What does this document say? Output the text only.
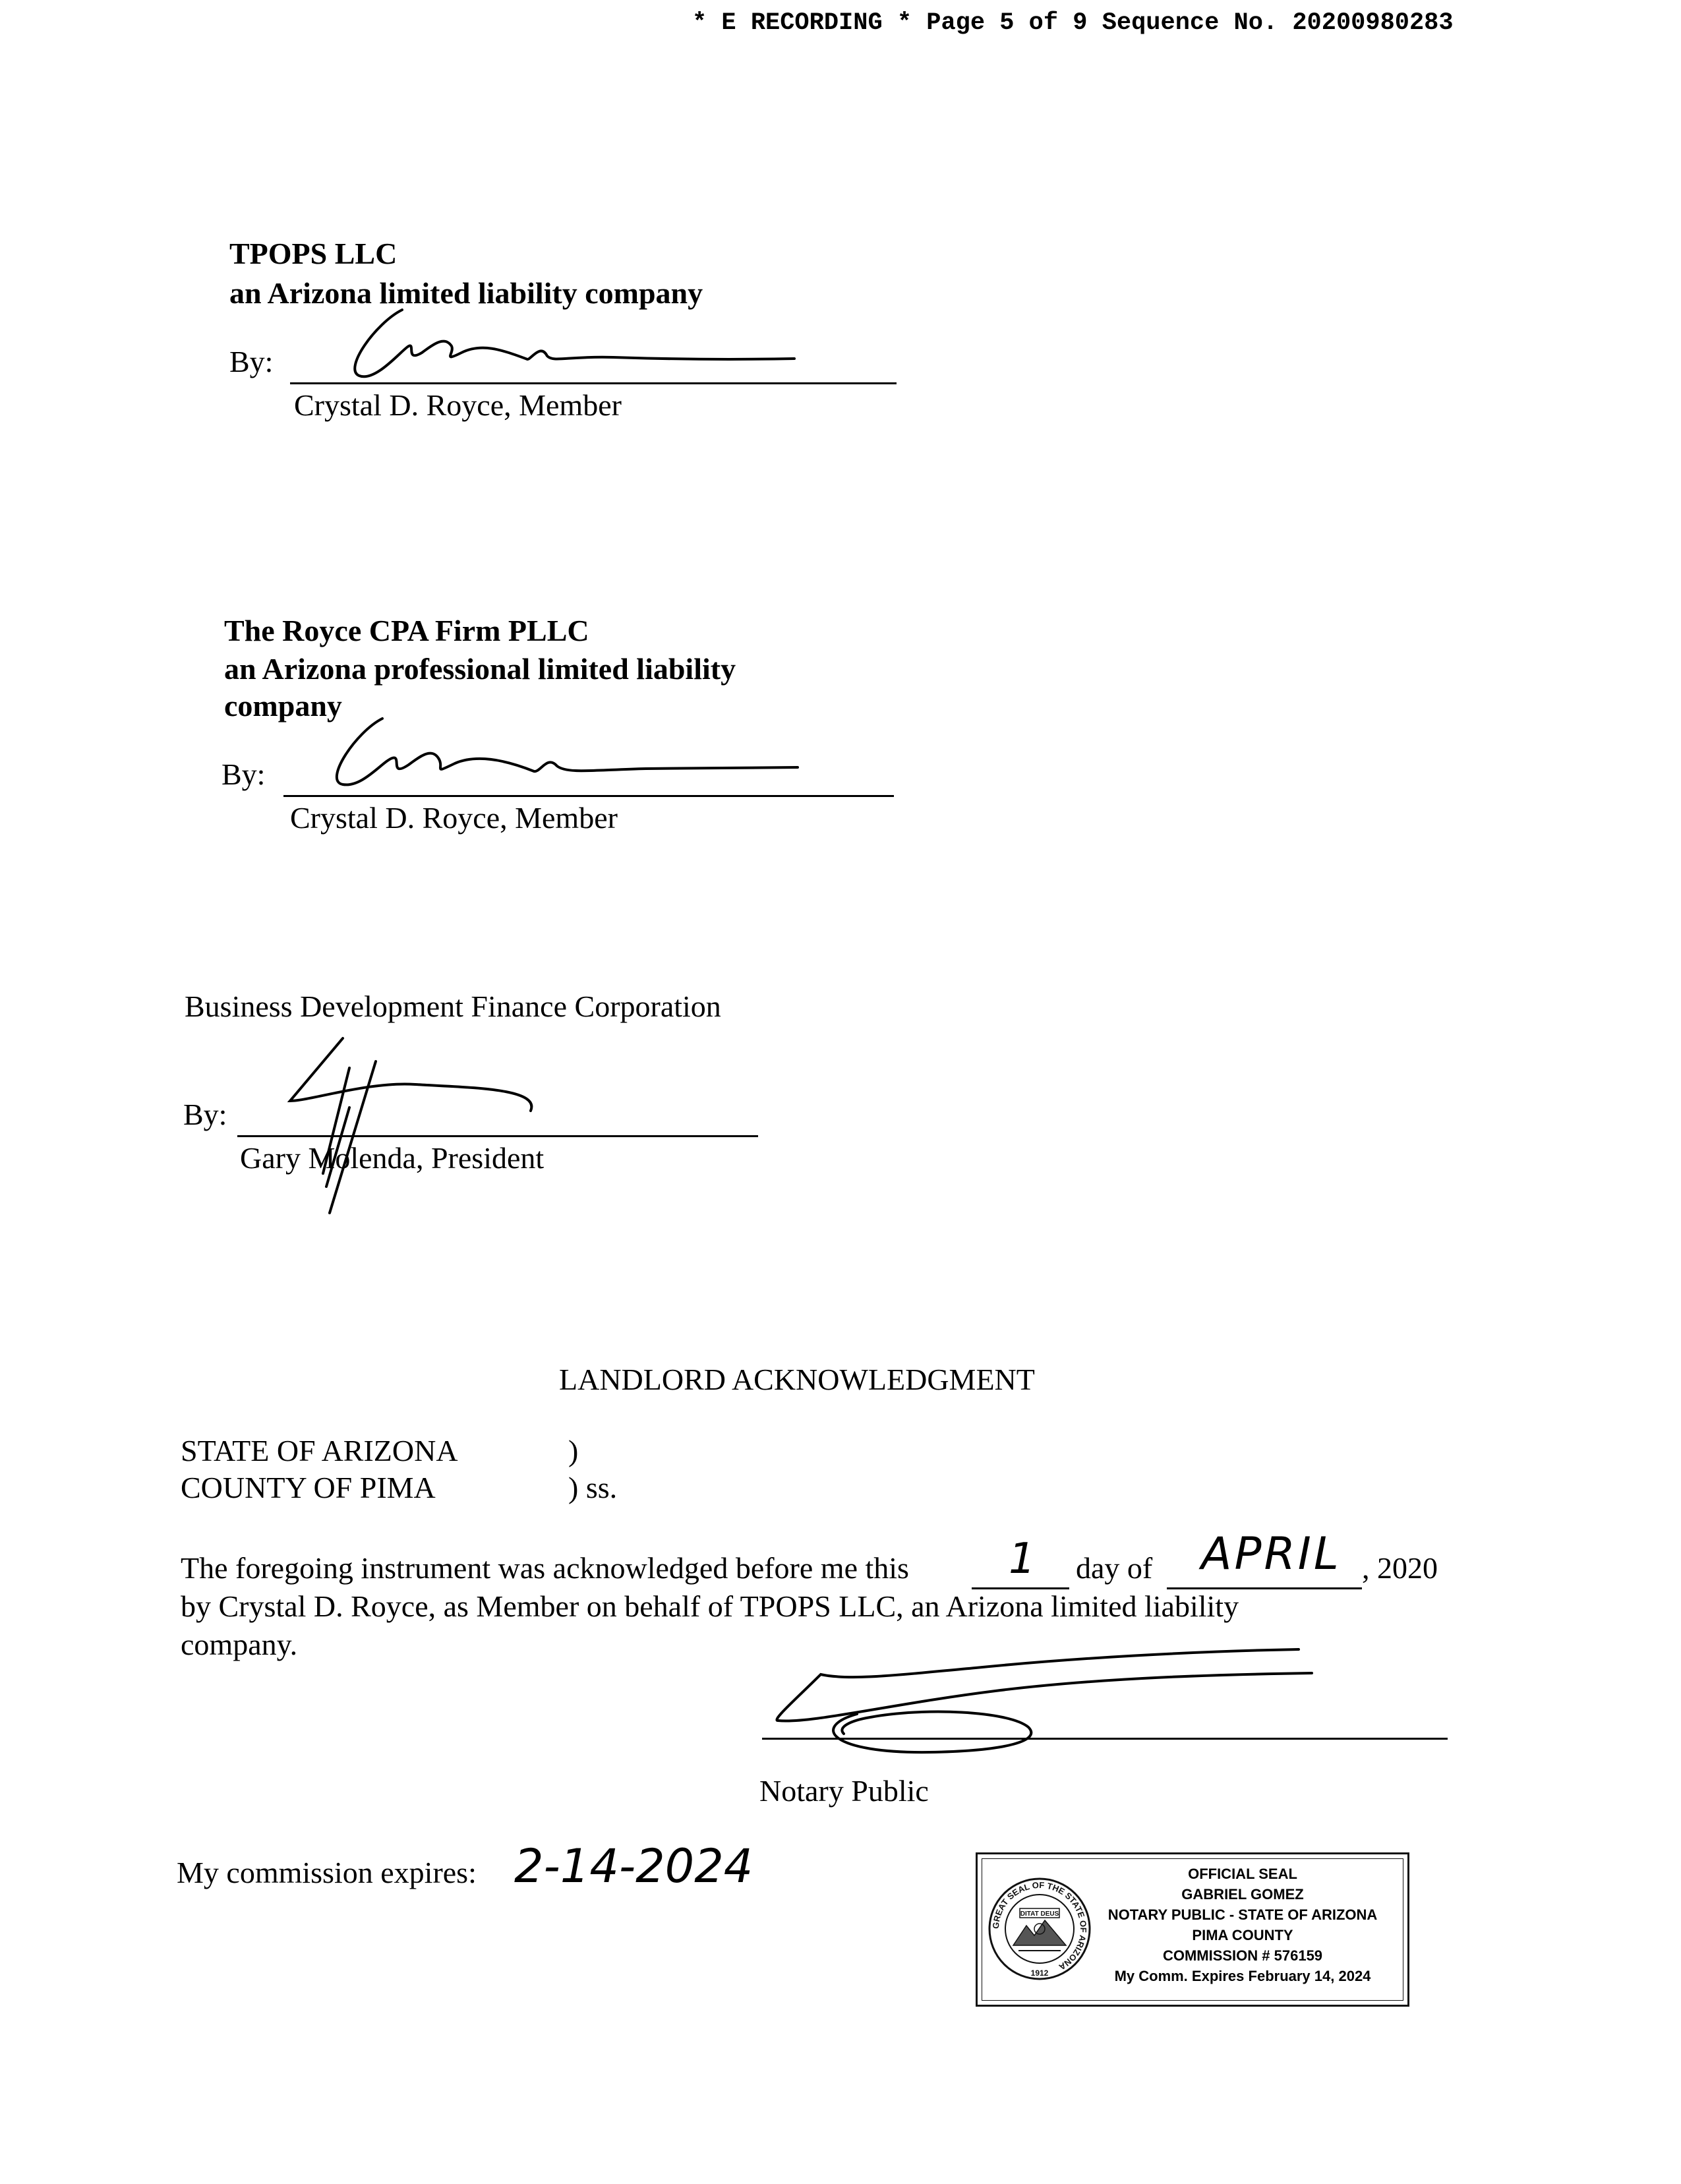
* E RECORDING * Page 5 of 9 Sequence No. 20200980283
TPOPS LLC
an Arizona limited liability company
By:
Crystal D. Royce, Member
The Royce CPA Firm PLLC
an Arizona professional limited liability
company
By:
Crystal D. Royce, Member
Business Development Finance Corporation
By:
Gary Molenda, President
LANDLORD ACKNOWLEDGMENT
STATE OF ARIZONA	)
COUNTY OF PIMA	) ss.
The foregoing instrument was acknowledged before me this 1 day of APRIL , 2020
by Crystal D. Royce, as Member on behalf of TPOPS LLC, an Arizona limited liability
company.
Notary Public
My commission expires: 2-14-2024
GREAT SEAL OF THE STATE OF ARIZONA
DITAT DEUS
1912
OFFICIAL SEAL
GABRIEL GOMEZ
NOTARY PUBLIC - STATE OF ARIZONA
PIMA COUNTY
COMMISSION # 576159
My Comm. Expires February 14, 2024
